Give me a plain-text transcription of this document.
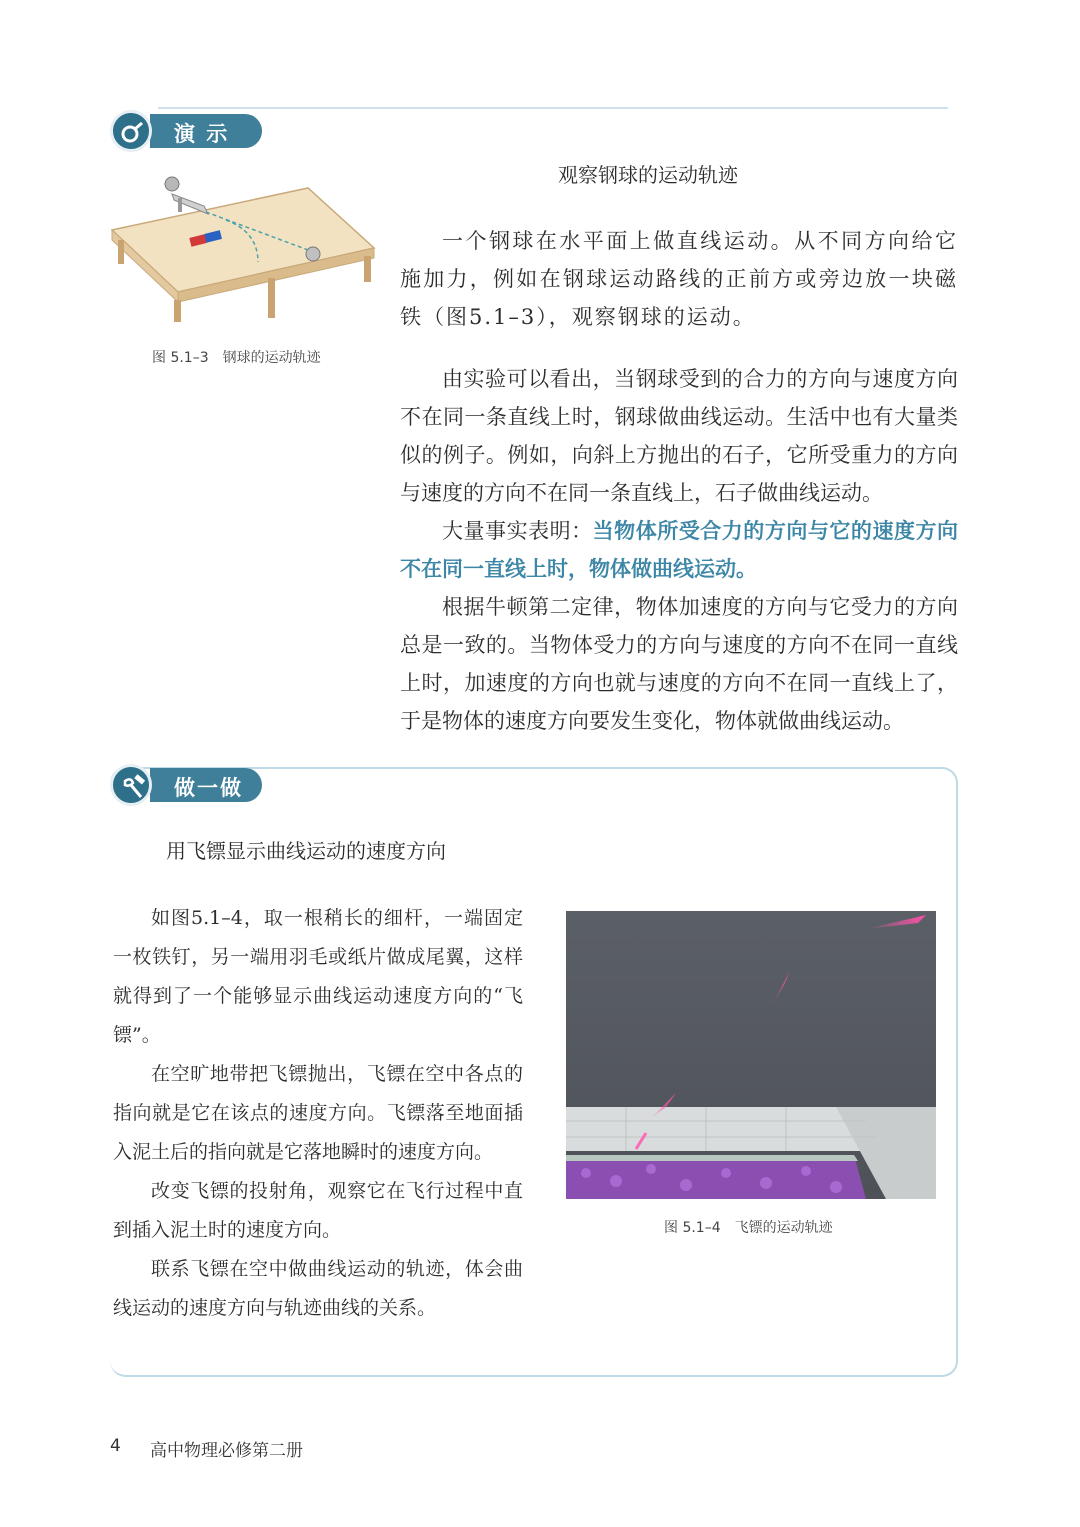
演 示
观察钢球的运动轨迹
图 5.1–3　钢球的运动轨迹

一个钢球在水平面上做直线运动。从不同方向给它施加力，例如在钢球运动路线的正前方或旁边放一块磁铁（图5.1–3），观察钢球的运动。

由实验可以看出，当钢球受到的合力的方向与速度方向不在同一条直线上时，钢球做曲线运动。生活中也有大量类似的例子。例如，向斜上方抛出的石子，它所受重力的方向与速度的方向不在同一条直线上，石子做曲线运动。

大量事实表明：当物体所受合力的方向与它的速度方向不在同一直线上时，物体做曲线运动。

根据牛顿第二定律，物体加速度的方向与它受力的方向总是一致的。当物体受力的方向与速度的方向不在同一直线上时，加速度的方向也就与速度的方向不在同一直线上了，于是物体的速度方向要发生变化，物体就做曲线运动。

做一做
用飞镖显示曲线运动的速度方向

如图5.1–4，取一根稍长的细杆，一端固定一枚铁钉，另一端用羽毛或纸片做成尾翼，这样就得到了一个能够显示曲线运动速度方向的“飞镖”。

在空旷地带把飞镖抛出，飞镖在空中各点的指向就是它在该点的速度方向。飞镖落至地面插入泥土后的指向就是它落地瞬时的速度方向。

改变飞镖的投射角，观察它在飞行过程中直到插入泥土时的速度方向。

联系飞镖在空中做曲线运动的轨迹，体会曲线运动的速度方向与轨迹曲线的关系。

图 5.1–4　飞镖的运动轨迹
4 高中物理必修第二册
